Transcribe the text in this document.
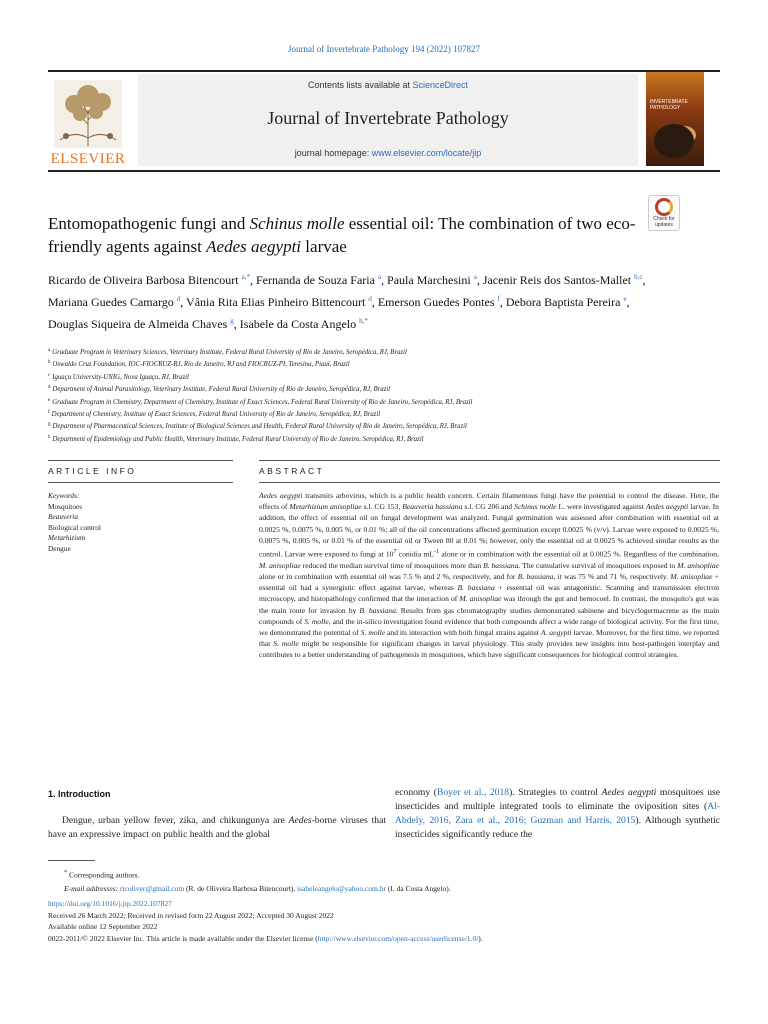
Journal of Invertebrate Pathology 194 (2022) 107827
ELSEVIER
Contents lists available at ScienceDirect
Journal of Invertebrate Pathology
journal homepage: www.elsevier.com/locate/jip
INVERTEBRATE PATHOLOGY
Entomopathogenic fungi and Schinus molle essential oil: The combination of two eco-friendly agents against Aedes aegypti larvae
Check for
updates
Ricardo de Oliveira Barbosa Bitencourt $^{a,*}$, Fernanda de Souza Faria $^a$, Paula Marchesini $^a$, Jacenir Reis dos Santos-Mallet $^{b,c}$, Mariana Guedes Camargo $^d$, Vânia Rita Elias Pinheiro Bittencourt $^d$, Emerson Guedes Pontes $^f$, Debora Baptista Pereira $^e$, Douglas Siqueira de Almeida Chaves $^g$, Isabele da Costa Angelo $^{h,*}$
$^a$ Graduate Program in Veterinary Sciences, Veterinary Institute, Federal Rural University of Rio de Janeiro, Seropédica, RJ, Brazil
$^b$ Oswaldo Cruz Foundation, IOC-FIOCRUZ-RJ, Rio de Janeiro, RJ and FIOCRUZ-PI, Teresina, Piauí, Brazil
$^c$ Iguaçu University-UNIG, Nova Iguaçu, RJ, Brazil
$^d$ Department of Animal Parasitology, Veterinary Institute, Federal Rural University of Rio de Janeiro, Seropédica, RJ, Brazil
$^e$ Graduate Program in Chemistry, Department of Chemistry, Institute of Exact Sciences, Federal Rural University of Rio de Janeiro, Seropédica, RJ, Brazil
$^f$ Department of Chemistry, Institute of Exact Sciences, Federal Rural University of Rio de Janeiro, Seropédica, RJ, Brazil
$^g$ Department of Pharmaceutical Sciences, Institute of Biological Sciences and Health, Federal Rural University of Rio de Janeiro, Seropédica, RJ, Brazil
$^h$ Department of Epidemiology and Public Health, Veterinary Institute, Federal Rural University of Rio de Janeiro, Seropédica, RJ, Brazil
ARTICLE INFO	ABSTRACT
Keywords:
Mosquitoes
Beauveria
Biological control
Metarhizium
Dengue

Aedes aegypti transmits arbovirus, which is a public health concern. Certain filamentous fungi have the potential to control the disease. Here, the effects of Metarhizium anisopliae s.l. CG 153, Beauveria bassiana s.l. CG 206 and Schinus molle L. were investigated against Aedes aegypti larvae. In addition, the effect of essential oil on fungal development was analyzed. Fungal germination was assessed after combination with essential oil at 0.0025 %, 0.0075 %, 0.005 %, or 0.01 %; all of the oil concentrations affected germination except 0.0025 % (v/v). Larvae were exposed to 0.0025 %, 0.0075 %, 0.005 %, or 0.01 % of the essential oil or Tween 80 at 0.01 %; however, only the essential oil at 0.0025 % achieved similar results as the control. Larvae were exposed to fungi at $10^7$ conidia $mL^{-1}$ alone or in combination with the essential oil at 0.0025 %. Regardless of the combination, M. anisopliae reduced the median survival time of mosquitoes more than B. bassiana. The cumulative survival of mosquitoes exposed to M. anisopliae alone or in combination with essential oil was 7.5 % and 2 %, respectively, and for B. bassiana, it was 75 % and 71 %, respectively. M. anisopliae + essential oil had a synergistic effect against larvae, whereas B. bassiana + essential oil was antagonistic. Scanning and transmission electron microscopy, and histopathology confirmed that the interaction of M. anisopliae was through the gut and hemocoel. In contrast, the mosquito's gut was the main route for invasion by B. bassiana. Results from gas chromatography studies demonstrated sabinene and bicyclogermacrene as the main compounds of S. molle, and the in-silico investigation found evidence that both compounds affect a wide range of biological activity. For the first time, we demonstrated the potential of S. molle and its interaction with both fungal strains against A. aegypti larvae. Moreover, for the first time, we reported that S. molle might be responsible for significant changes in larval physiology. This study provides new insights into host-pathogen interplay and contributes to a better understanding of pathogenesis in mosquitoes, which have significant consequences for biological control strategies.

1. Introduction

Dengue, urban yellow fever, zika, and chikungunya are Aedes-borne viruses that have an expressive impact on public health and the global

economy (Boyer et al., 2018). Strategies to control Aedes aegypti mosquitoes use insecticides and multiple integrated tools to eliminate the oviposition sites (Al-Abdely, 2016, Zara et al., 2016; Guzman and Harris, 2015). Although synthetic insecticides significantly reduce the

* Corresponding authors.
E-mail addresses: ricoliver@gmail.com (R. de Oliveira Barbosa Bitencourt), isabeleangelo@yahoo.com.br (I. da Costa Angelo).
https://doi.org/10.1016/j.jip.2022.107827
Received 26 March 2022; Received in revised form 22 August 2022; Accepted 30 August 2022
Available online 12 September 2022
0022-2011/© 2022 Elsevier Inc. This article is made available under the Elsevier license (http://www.elsevier.com/open-access/userlicense/1.0/).
